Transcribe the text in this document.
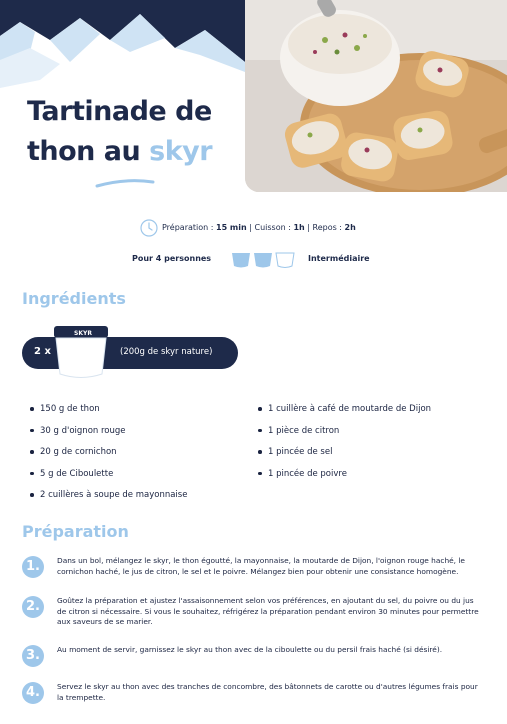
Tartinade de
thon au skyr
Préparation : 15 min | Cuisson : 1h | Repos : 2h
Pour 4 personnes	Intermédiaire
Ingrédients
2 x	(200g de skyr nature)
SKYR
150 g de thon
30 g d'oignon rouge
20 g de cornichon
5 g de Ciboulette
2 cuillères à soupe de mayonnaise
1 cuillère à café de moutarde de Dijon
1 pièce de citron
1 pincée de sel
1 pincée de poivre
Préparation
1.	Dans un bol, mélangez le skyr, le thon égoutté, la mayonnaise, la moutarde de Dijon, l'oignon rouge haché, le cornichon haché, le jus de citron, le sel et le poivre. Mélangez bien pour obtenir une consistance homogène.
2.	Goûtez la préparation et ajustez l'assaisonnement selon vos préférences, en ajoutant du sel, du poivre ou du jus de citron si nécessaire. Si vous le souhaitez, réfrigérez la préparation pendant environ 30 minutes pour permettre aux saveurs de se marier.
3.	Au moment de servir, garnissez le skyr au thon avec de la ciboulette ou du persil frais haché (si désiré).
4.	Servez le skyr au thon avec des tranches de concombre, des bâtonnets de carotte ou d'autres légumes frais pour la trempette.
